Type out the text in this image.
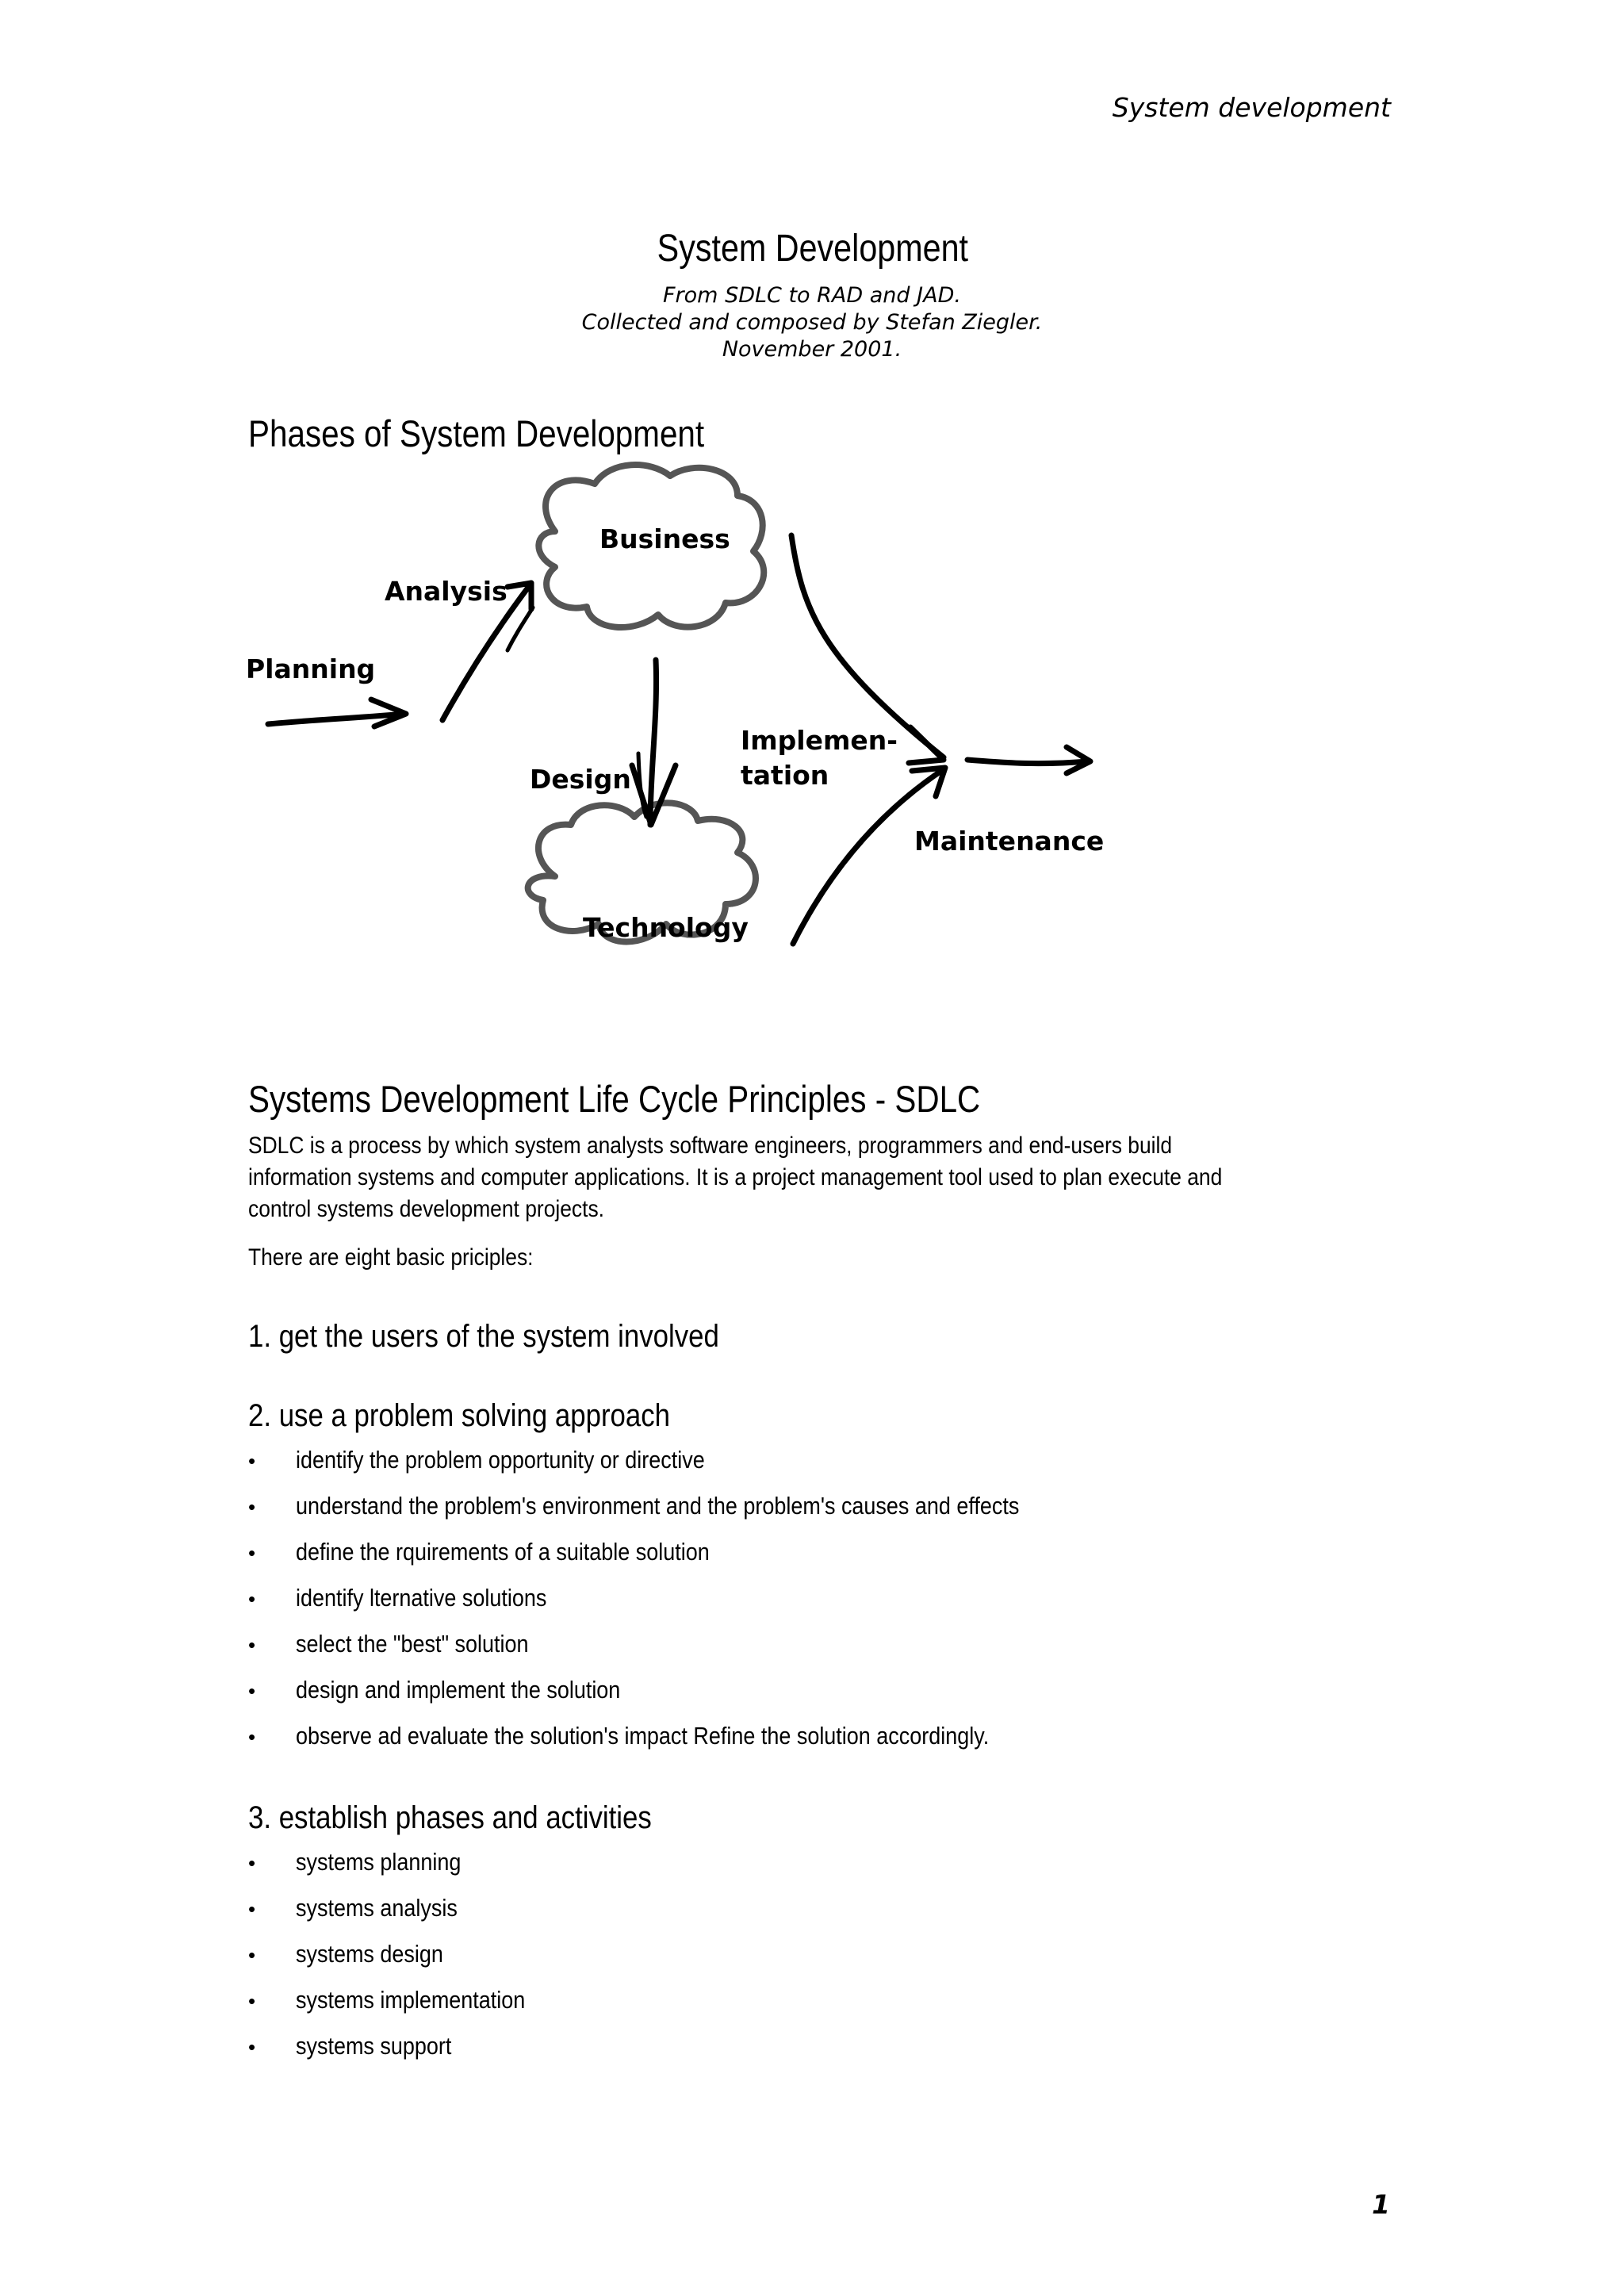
System development
System Development
From SDLC to RAD and JAD.
Collected and composed by Stefan Ziegler.
November 2001.
Phases of System Development
Business
Technology
Analysis
Planning
Design
Implemen-
tation
Maintenance
Systems Development Life Cycle Principles - SDLC
SDLC is a process by which system analysts software engineers, programmers and end-users build information systems and computer applications. It is a project management tool used to plan execute and control systems development projects.
There are eight basic priciples:
1. get the users of the system involved
2. use a problem solving approach
• identify the problem opportunity or directive
• understand the problem's environment and the problem's causes and effects
• define the rquirements of a suitable solution
• identify lternative solutions
• select the "best" solution
• design and implement the solution
• observe ad evaluate the solution's impact Refine the solution accordingly.
3. establish phases and activities
• systems planning
• systems analysis
• systems design
• systems implementation
• systems support
1
